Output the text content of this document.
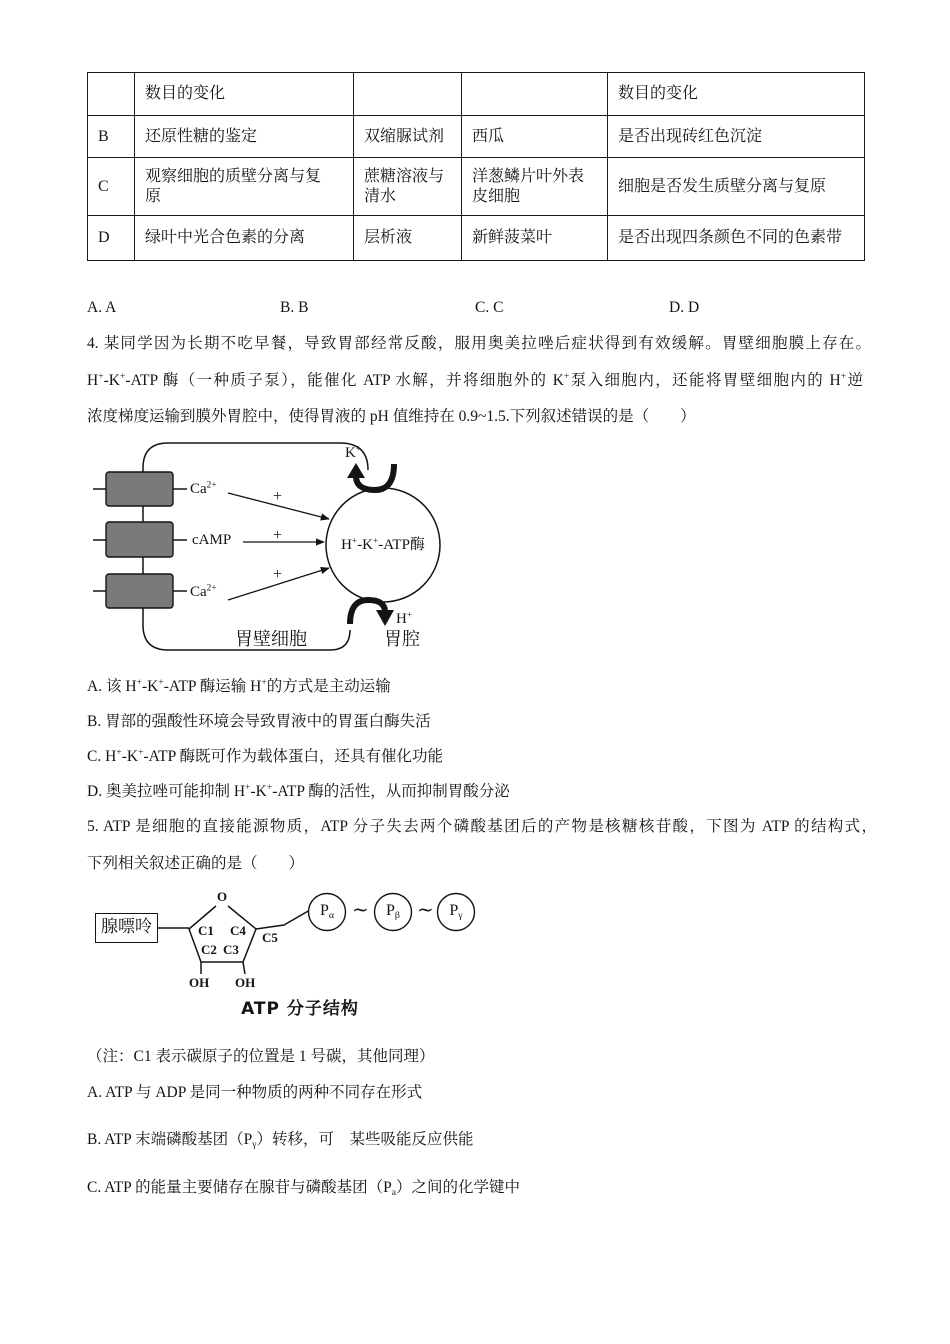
	数目的变化			数目的变化
B	还原性糖的鉴定	双缩脲试剂	西瓜	是否出现砖红色沉淀
C	观察细胞的质壁分离与复原	蔗糖溶液与清水	洋葱鳞片叶外表皮细胞	细胞是否发生质壁分离与复原
D	绿叶中光合色素的分离	层析液	新鲜菠菜叶	是否出现四条颜色不同的色素带
A. A	B. B	C. C	D. D
4. 某同学因为长期不吃早餐，导致胃部经常反酸，服用奥美拉唑后症状得到有效缓解。胃壁细胞膜上存在。
H+-K+-ATP 酶（一种质子泵），能催化 ATP 水解，并将细胞外的 K+泵入细胞内，还能将胃壁细胞内的 H+逆
浓度梯度运输到膜外胃腔中，使得胃液的 pH 值维持在 0.9~1.5.下列叙述错误的是（　　）
$Ca^{2+}$
cAMP
$Ca^{2+}$
+
+
+
H+-K+-ATP酶
K+
H+
胃壁细胞	胃腔
A. 该 H+-K+-ATP 酶运输 H+的方式是主动运输
B. 胃部的强酸性环境会导致胃液中的胃蛋白酶失活
C. H+-K+-ATP 酶既可作为载体蛋白，还具有催化功能
D. 奥美拉唑可能抑制 H+-K+-ATP 酶的活性，从而抑制胃酸分泌
5. ATP 是细胞的直接能源物质，ATP 分子失去两个磷酸基团后的产物是核糖核苷酸，下图为 ATP 的结构式，
下列相关叙述正确的是（　　）
腺嘌呤
O
C1 C4
C2 C3
C5
OH OH
$P_\alpha$	$P_\beta$	$P_\gamma$
~ ~
ATP 分子结构
（注：C1 表示碳原子的位置是 1 号碳，其他同理）
A. ATP 与 ADP 是同一种物质的两种不同存在形式
B. ATP 末端磷酸基团$(P_\gamma)$转移，可　某些吸能反应供能
C. ATP 的能量主要储存在腺苷与磷酸基团$(P_a)$之间的化学键中
